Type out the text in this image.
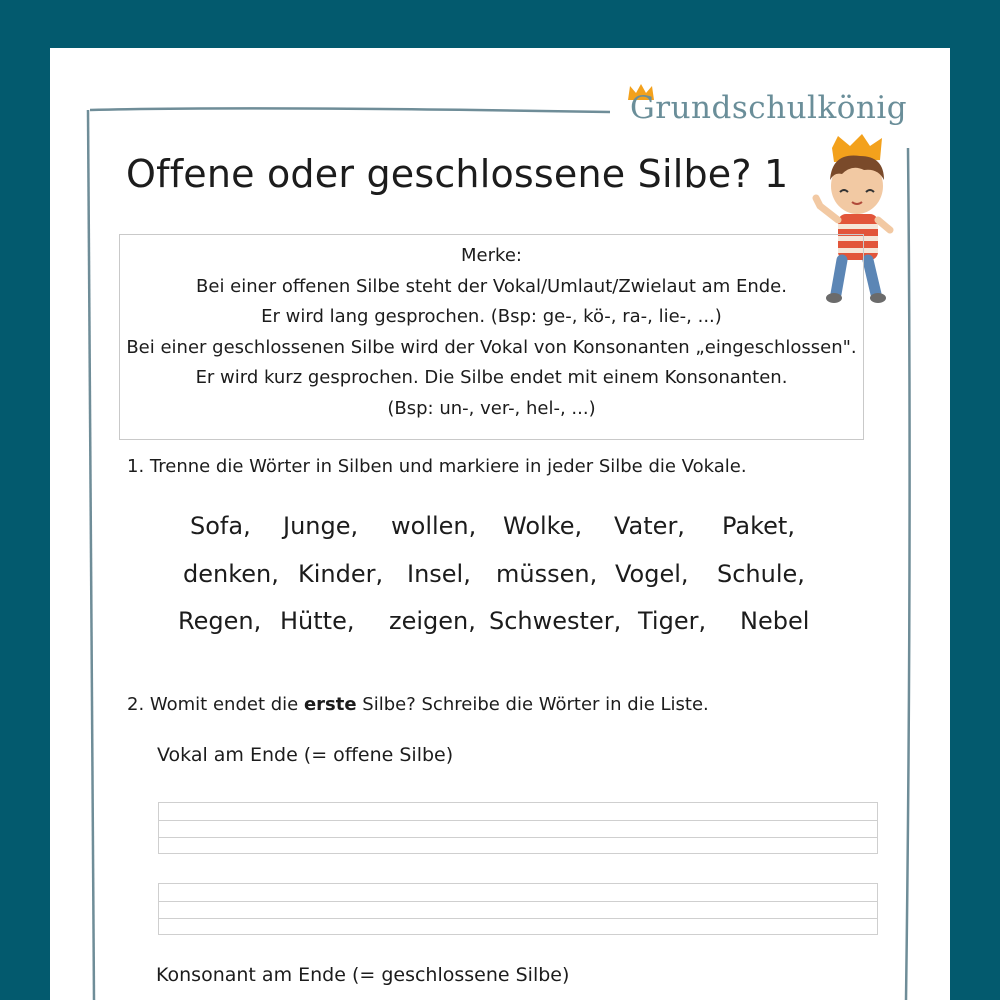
Grundschulkönig
Offene oder geschlossene Silbe? 1
Merke:
Bei einer offenen Silbe steht der Vokal/Umlaut/Zwielaut am Ende.
Er wird lang gesprochen. (Bsp: ge-, kö-, ra-, lie-, ...)
Bei einer geschlossenen Silbe wird der Vokal von Konsonanten „eingeschlossen".
Er wird kurz gesprochen. Die Silbe endet mit einem Konsonanten.
(Bsp: un-, ver-, hel-, ...)
1. Trenne die Wörter in Silben und markiere in jeder Silbe die Vokale.
Sofa, Junge, wollen, Wolke, Vater, Paket,
denken, Kinder, Insel, müssen, Vogel, Schule,
Regen, Hütte, zeigen, Schwester, Tiger, Nebel
2. Womit endet die erste Silbe? Schreibe die Wörter in die Liste.
Vokal am Ende (= offene Silbe)
Konsonant am Ende (= geschlossene Silbe)
